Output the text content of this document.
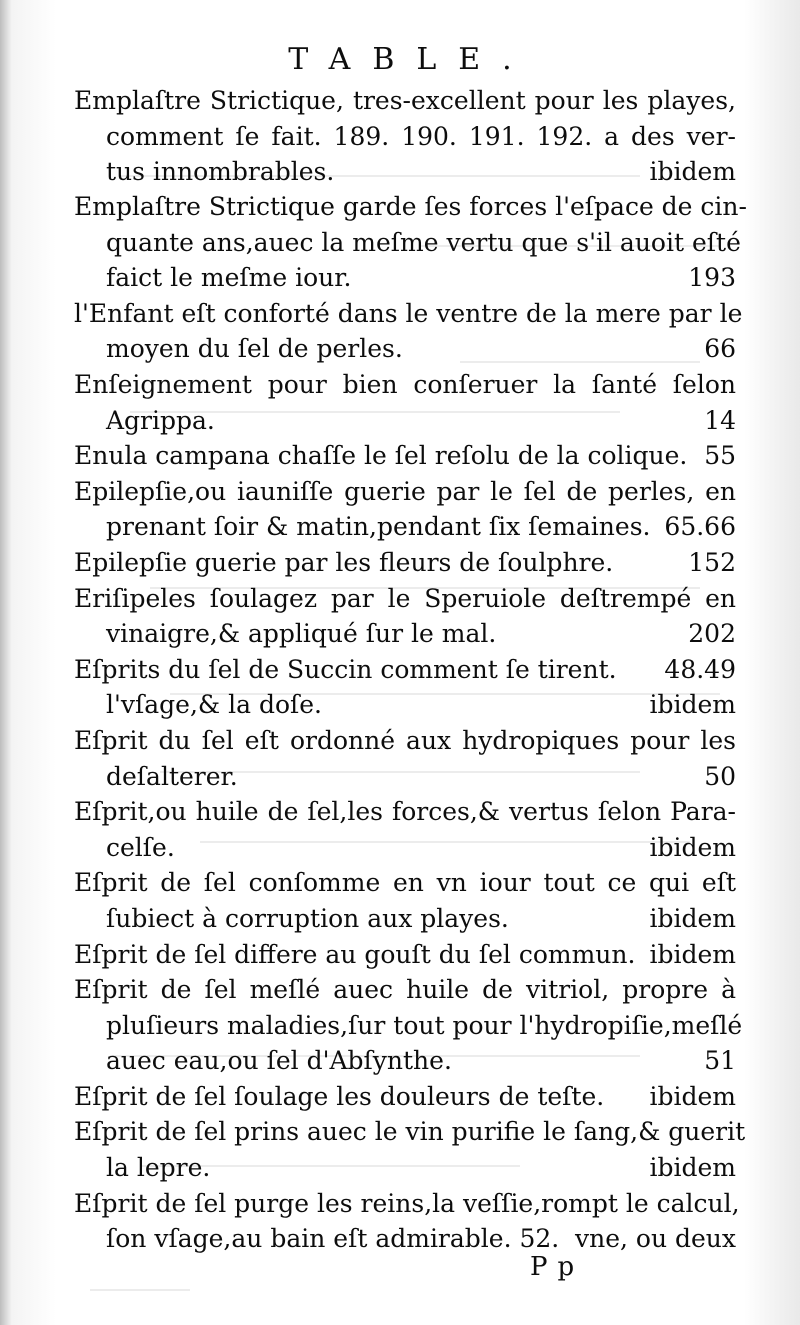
TABLE.
Emplaſtre Strictique, tres-excellent pour les playes,
comment ſe fait. 189. 190. 191. 192. a des ver-
tus innombrables.	ibidem
Emplaſtre Strictique garde ſes forces l'eſpace de cin-
quante ans,auec la meſme vertu que s'il auoit eſté
faict le meſme iour.	193
l'Enfant eſt conforté dans le ventre de la mere par le
moyen du ſel de perles.	66
Enſeignement pour bien conſeruer la ſanté ſelon
Agrippa.	14
Enula campana chaſſe le ſel reſolu de la colique. 55
Epilepſie,ou iauniſſe guerie par le ſel de perles, en
prenant ſoir & matin,pendant ſix ſemaines. 65.66
Epilepſie guerie par les fleurs de ſoulphre.	152
Eriſipeles ſoulagez par le Speruiole deſtrempé en
vinaigre,& appliqué ſur le mal.	202
Eſprits du ſel de Succin comment ſe tirent. 48.49
l'vſage,& la doſe.	ibidem
Eſprit du ſel eſt ordonné aux hydropiques pour les
deſalterer.	50
Eſprit,ou huile de ſel,les forces,& vertus ſelon Para-
celſe.	ibidem
Eſprit de ſel conſomme en vn iour tout ce qui eſt
ſubiect à corruption aux playes.	ibidem
Eſprit de ſel differe au gouſt du ſel commun. ibidem
Eſprit de ſel meſlé auec huile de vitriol, propre à
pluſieurs maladies,ſur tout pour l'hydropiſie,meſlé
auec eau,ou ſel d'Abſynthe.	51
Eſprit de ſel ſoulage les douleurs de teſte. ibidem
Eſprit de ſel prins auec le vin purifie le ſang,& guerit
la lepre.	ibidem
Eſprit de ſel purge les reins,la veſſie,rompt le calcul,
ſon vſage,au bain eſt admirable. 52. vne, ou deux
Pp
